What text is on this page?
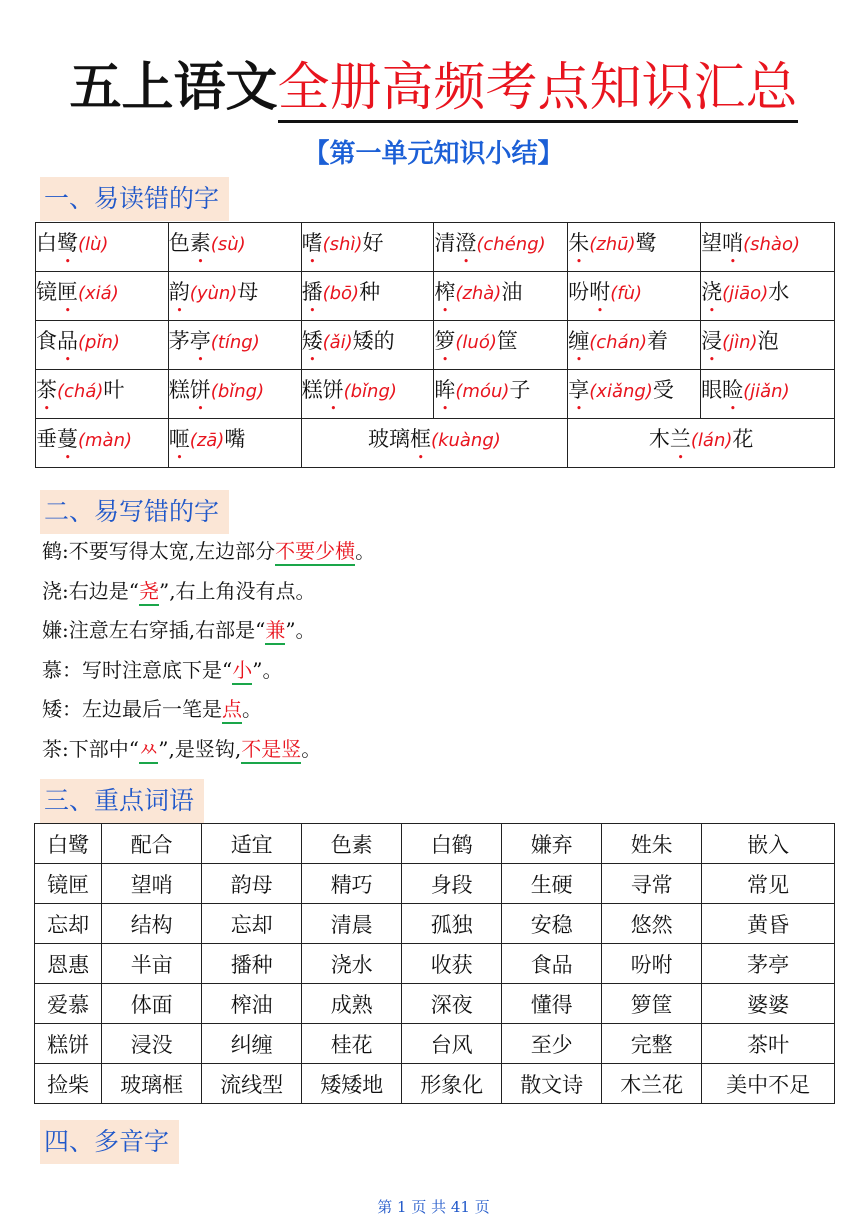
五上语文全册高频考点知识汇总
【第一单元知识小结】
一、易读错的字
白鹭(lù)	色素(sù)	嗜(shì)好	清澄(chéng)	朱(zhū)鹭	望哨(shào)
镜匣(xiá)	韵(yùn)母	播(bō)种	榨(zhà)油	吩咐(fù)	浇(jiāo)水
食品(pǐn)	茅亭(tíng)	矮(ǎi)矮的	箩(luó)筐	缠(chán)着	浸(jìn)泡
茶(chá)叶	糕饼(bǐng)	糕饼(bǐng)	眸(móu)子	享(xiǎng)受	眼睑(jiǎn)
垂蔓(màn)	咂(zā)嘴	玻璃框(kuàng)		木兰(lán)花	
二、易写错的字
鹤:不要写得太宽,左边部分不要少横。
浇:右边是“尧”,右上角没有点。
嫌:注意左右穿插,右部是“兼”。
慕：写时注意底下是“小”。
矮：左边最后一笔是点。
茶:下部中“ㅆ”,是竖钩,不是竖。
三、重点词语
白鹭	配合	适宜	色素	白鹤	嫌弃	姓朱	嵌入
镜匣	望哨	韵母	精巧	身段	生硬	寻常	常见
忘却	结构	忘却	清晨	孤独	安稳	悠然	黄昏
恩惠	半亩	播种	浇水	收获	食品	吩咐	茅亭
爱慕	体面	榨油	成熟	深夜	懂得	箩筐	婆婆
糕饼	浸没	纠缠	桂花	台风	至少	完整	茶叶
捡柴	玻璃框	流线型	矮矮地	形象化	散文诗	木兰花	美中不足
四、多音字
第 1 页 共 41 页
